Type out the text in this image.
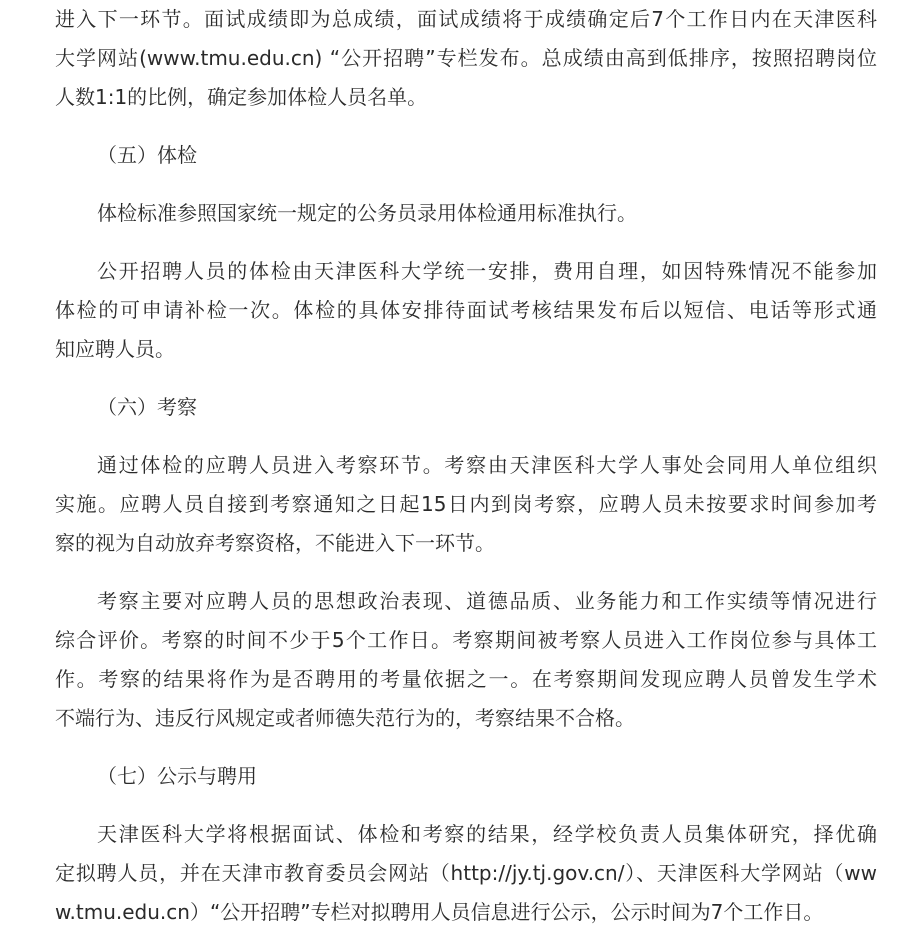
进入下一环节。面试成绩即为总成绩，面试成绩将于成绩确定后7个工作日内在天津医科
大学网站(www.tmu.edu.cn) “公开招聘”专栏发布。总成绩由高到低排序，按照招聘岗位
人数1:1的比例，确定参加体检人员名单。
（五）体检
体检标准参照国家统一规定的公务员录用体检通用标准执行。
公开招聘人员的体检由天津医科大学统一安排，费用自理，如因特殊情况不能参加
体检的可申请补检一次。体检的具体安排待面试考核结果发布后以短信、电话等形式通
知应聘人员。
（六）考察
通过体检的应聘人员进入考察环节。考察由天津医科大学人事处会同用人单位组织
实施。应聘人员自接到考察通知之日起15日内到岗考察，应聘人员未按要求时间参加考
察的视为自动放弃考察资格，不能进入下一环节。
考察主要对应聘人员的思想政治表现、道德品质、业务能力和工作实绩等情况进行
综合评价。考察的时间不少于5个工作日。考察期间被考察人员进入工作岗位参与具体工
作。考察的结果将作为是否聘用的考量依据之一。在考察期间发现应聘人员曾发生学术
不端行为、违反行风规定或者师德失范行为的，考察结果不合格。
（七）公示与聘用
天津医科大学将根据面试、体检和考察的结果，经学校负责人员集体研究，择优确
定拟聘人员，并在天津市教育委员会网站（http://jy.tj.gov.cn/）、天津医科大学网站（ww
w.tmu.edu.cn）“公开招聘”专栏对拟聘用人员信息进行公示，公示时间为7个工作日。
